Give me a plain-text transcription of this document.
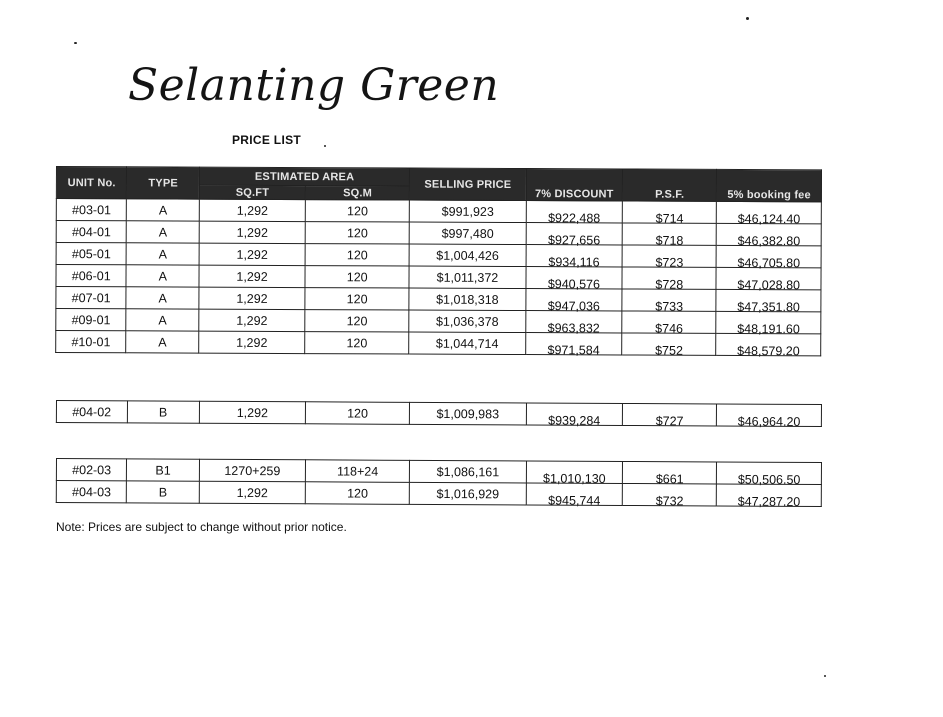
Selanting Green
PRICE LIST
UNIT No.	TYPE	ESTIMATED AREA		SELLING PRICE	7% DISCOUNT	P.S.F.	5% booking fee
		SQ.FT	SQ.M				
#03-01	A	1,292	120	$991,923	$922,488	$714	$46,124.40
#04-01	A	1,292	120	$997,480	$927,656	$718	$46,382.80
#05-01	A	1,292	120	$1,004,426	$934,116	$723	$46,705.80
#06-01	A	1,292	120	$1,011,372	$940,576	$728	$47,028.80
#07-01	A	1,292	120	$1,018,318	$947,036	$733	$47,351.80
#09-01	A	1,292	120	$1,036,378	$963,832	$746	$48,191.60
#10-01	A	1,292	120	$1,044,714	$971,584	$752	$48,579.20
#04-02	B	1,292	120	$1,009,983	$939,284	$727	$46,964.20
#02-03	B1	1270+259	118+24	$1,086,161	$1,010,130	$661	$50,506.50
#04-03	B	1,292	120	$1,016,929	$945,744	$732	$47,287.20
Note: Prices are subject to change without prior notice.
